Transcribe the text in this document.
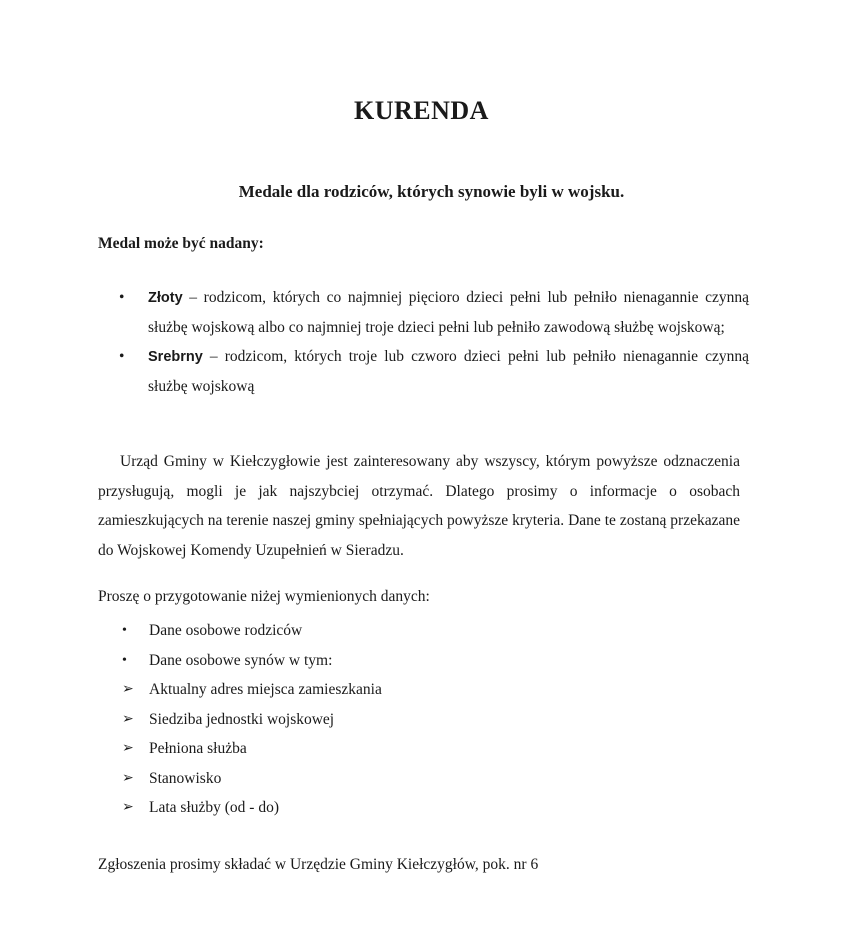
KURENDA
Medale dla rodziców, których synowie byli w wojsku.

Medal może być nadany:

• Złoty – rodzicom, których co najmniej pięcioro dzieci pełni lub pełniło nienagannie czynną służbę wojskową albo co najmniej troje dzieci pełni lub pełniło zawodową służbę wojskową;
• Srebrny – rodzicom, których troje lub czworo dzieci pełni lub pełniło nienagannie czynną służbę wojskową

Urząd Gminy w Kiełczygłowie jest zainteresowany aby wszyscy, którym powyższe odznaczenia przysługują, mogli je jak najszybciej otrzymać. Dlatego prosimy o informacje o osobach zamieszkujących na terenie naszej gminy spełniających powyższe kryteria. Dane te zostaną przekazane do Wojskowej Komendy Uzupełnień w Sieradzu.

Proszę o przygotowanie niżej wymienionych danych:

• Dane osobowe rodziców
• Dane osobowe synów w tym:
➢ Aktualny adres miejsca zamieszkania
➢ Siedziba jednostki wojskowej
➢ Pełniona służba
➢ Stanowisko
➢ Lata służby (od - do)

Zgłoszenia prosimy składać w Urzędzie Gminy Kiełczygłów, pok. nr 6
